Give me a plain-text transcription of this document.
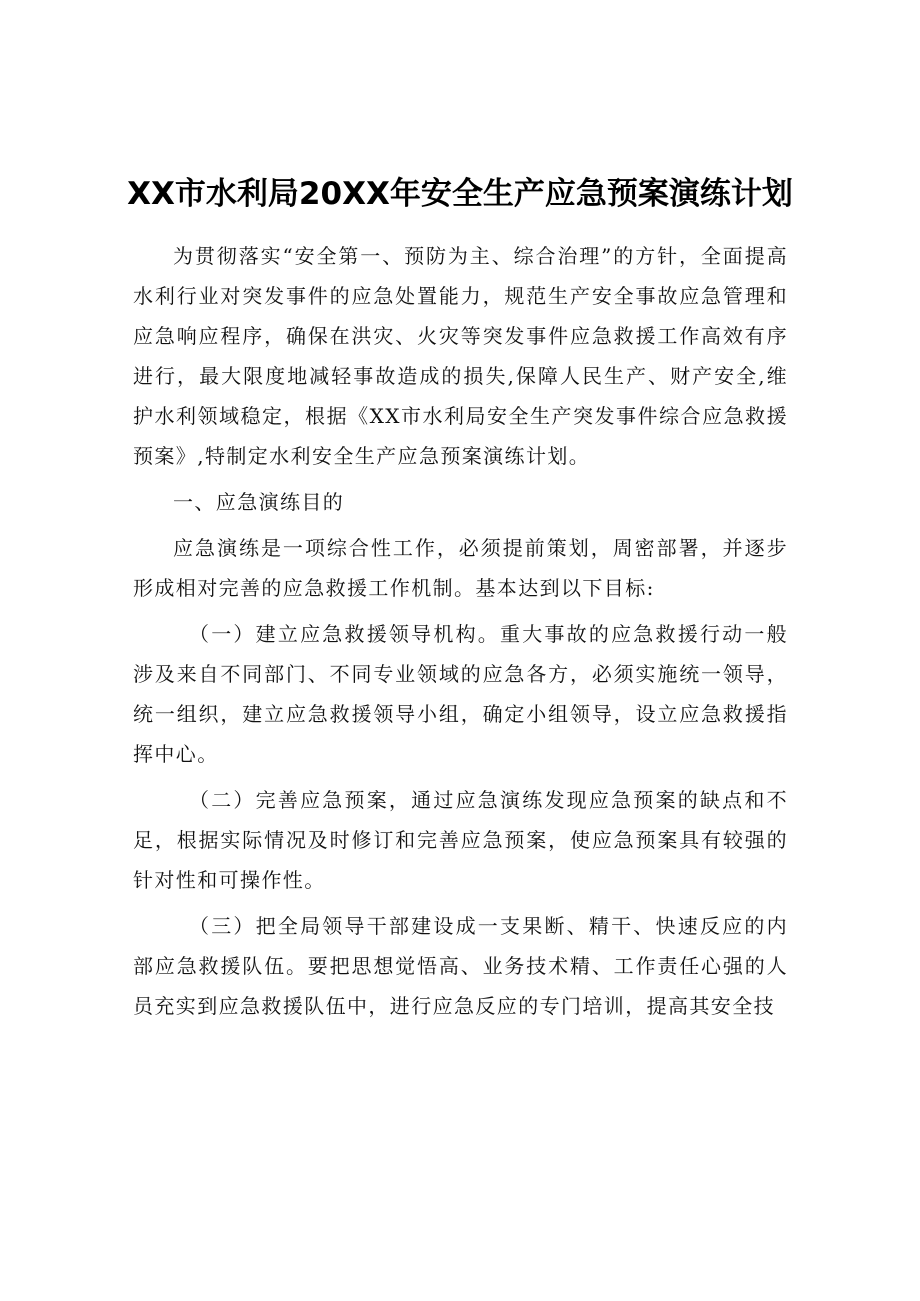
XX市水利局20XX年安全生产应急预案演练计划

为贯彻落实“安全第一、预防为主、综合治理”的方针，全面提高水利行业对突发事件的应急处置能力，规范生产安全事故应急管理和应急响应程序，确保在洪灾、火灾等突发事件应急救援工作高效有序进行，最大限度地减轻事故造成的损失,保障人民生产、财产安全,维护水利领域稳定，根据《XX市水利局安全生产突发事件综合应急救援预案》,特制定水利安全生产应急预案演练计划。

一、应急演练目的

应急演练是一项综合性工作，必须提前策划，周密部署，并逐步形成相对完善的应急救援工作机制。基本达到以下目标:

（一）建立应急救援领导机构。重大事故的应急救援行动一般涉及来自不同部门、不同专业领域的应急各方，必须实施统一领导，统一组织，建立应急救援领导小组，确定小组领导，设立应急救援指挥中心。

（二）完善应急预案，通过应急演练发现应急预案的缺点和不足，根据实际情况及时修订和完善应急预案，使应急预案具有较强的针对性和可操作性。

（三）把全局领导干部建设成一支果断、精干、快速反应的内部应急救援队伍。要把思想觉悟高、业务技术精、工作责任心强的人员充实到应急救援队伍中，进行应急反应的专门培训，提高其安全技
